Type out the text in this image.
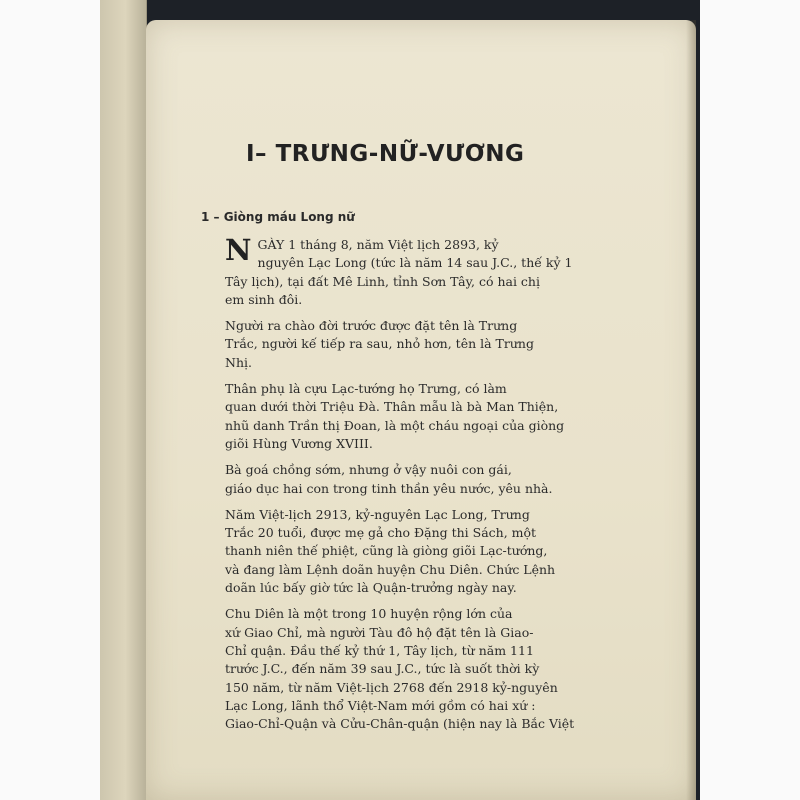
I– TRƯNG-NỮ-VƯƠNG
1 – Giòng máu Long nữ
N GÀY 1 tháng 8, năm Việt lịch 2893, kỷ
nguyên Lạc Long (tức là năm 14 sau J.C., thế kỷ 1
Tây lịch), tại đất Mê Linh, tỉnh Sơn Tây, có hai chị
em sinh đôi.
Người ra chào đời trước được đặt tên là Trưng
Trắc, người kế tiếp ra sau, nhỏ hơn, tên là Trưng
Nhị.
Thân phụ là cựu Lạc-tướng họ Trưng, có làm
quan dưới thời Triệu Đà. Thân mẫu là bà Man Thiện,
nhũ danh Trần thị Đoan, là một cháu ngoại của giòng
giõi Hùng Vương XVIII.
Bà goá chồng sớm, nhưng ở vậy nuôi con gái,
giáo dục hai con trong tinh thần yêu nước, yêu nhà.
Năm Việt-lịch 2913, kỷ-nguyên Lạc Long, Trưng
Trắc 20 tuổi, được mẹ gả cho Đặng thi Sách, một
thanh niên thế phiệt, cũng là giòng giõi Lạc-tướng,
và đang làm Lệnh doãn huyện Chu Diên. Chức Lệnh
doãn lúc bấy giờ tức là Quận-trưởng ngày nay.
Chu Diên là một trong 10 huyện rộng lớn của
xứ Giao Chỉ, mà người Tàu đô hộ đặt tên là Giao-
Chỉ quận. Đầu thế kỷ thứ 1, Tây lịch, từ năm 111
trước J.C., đến năm 39 sau J.C., tức là suốt thời kỳ
150 năm, từ năm Việt-lịch 2768 đến 2918 kỷ-nguyên
Lạc Long, lãnh thổ Việt-Nam mới gồm có hai xứ :
Giao-Chỉ-Quận và Cửu-Chân-quận (hiện nay là Bắc Việt
